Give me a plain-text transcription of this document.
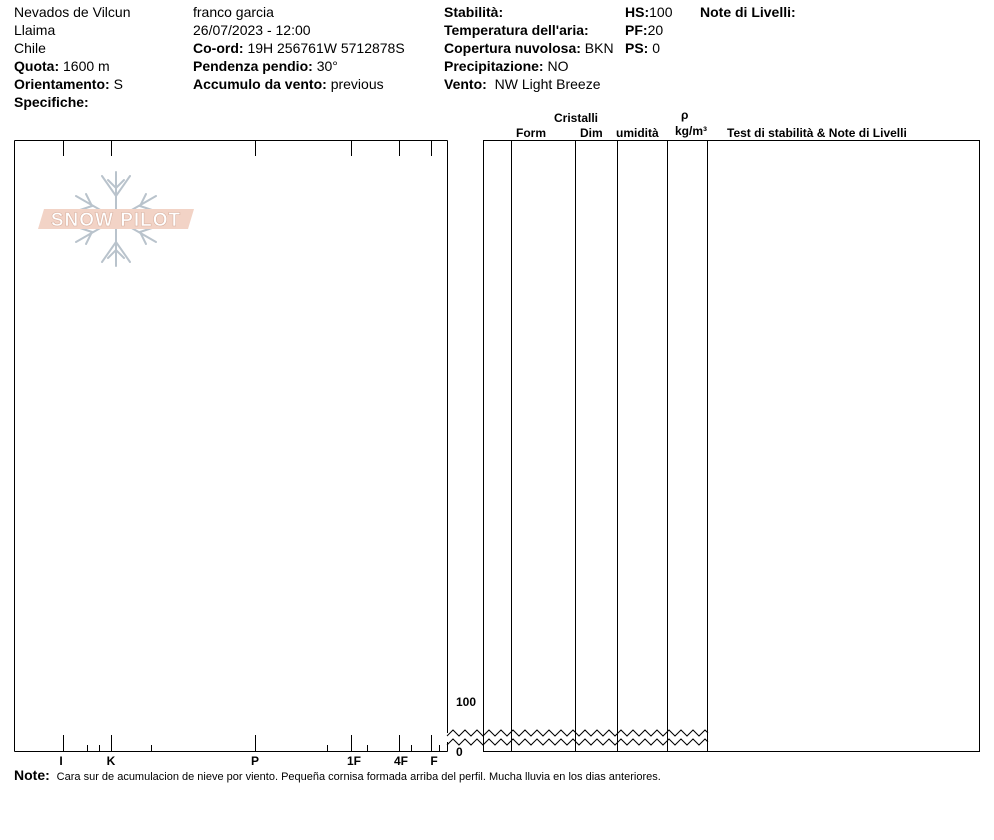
Nevados de Vilcun
Llaima
Chile
Quota: 1600 m
Orientamento: S
Specifiche:
franco garcia
26/07/2023 - 12:00
Co-ord: 19H 256761W 5712878S
Pendenza pendio: 30°
Accumulo da vento: previous
Stabilità:
Temperatura dell'aria:
Copertura nuvolosa: BKN
Precipitazione: NO
Vento: NW Light Breeze
HS:100
PF:20
PS: 0
Note di Livelli:
Cristalli
Form	Dim umidità
ρ
kg/m³ Test di stabilità & Note di Livelli
SNOW PILOT
I	K	P	1F	4F F
100
0
Note: Cara sur de acumulacion de nieve por viento. Pequeña cornisa formada arriba del perfil. Mucha lluvia en los dias anteriores.
